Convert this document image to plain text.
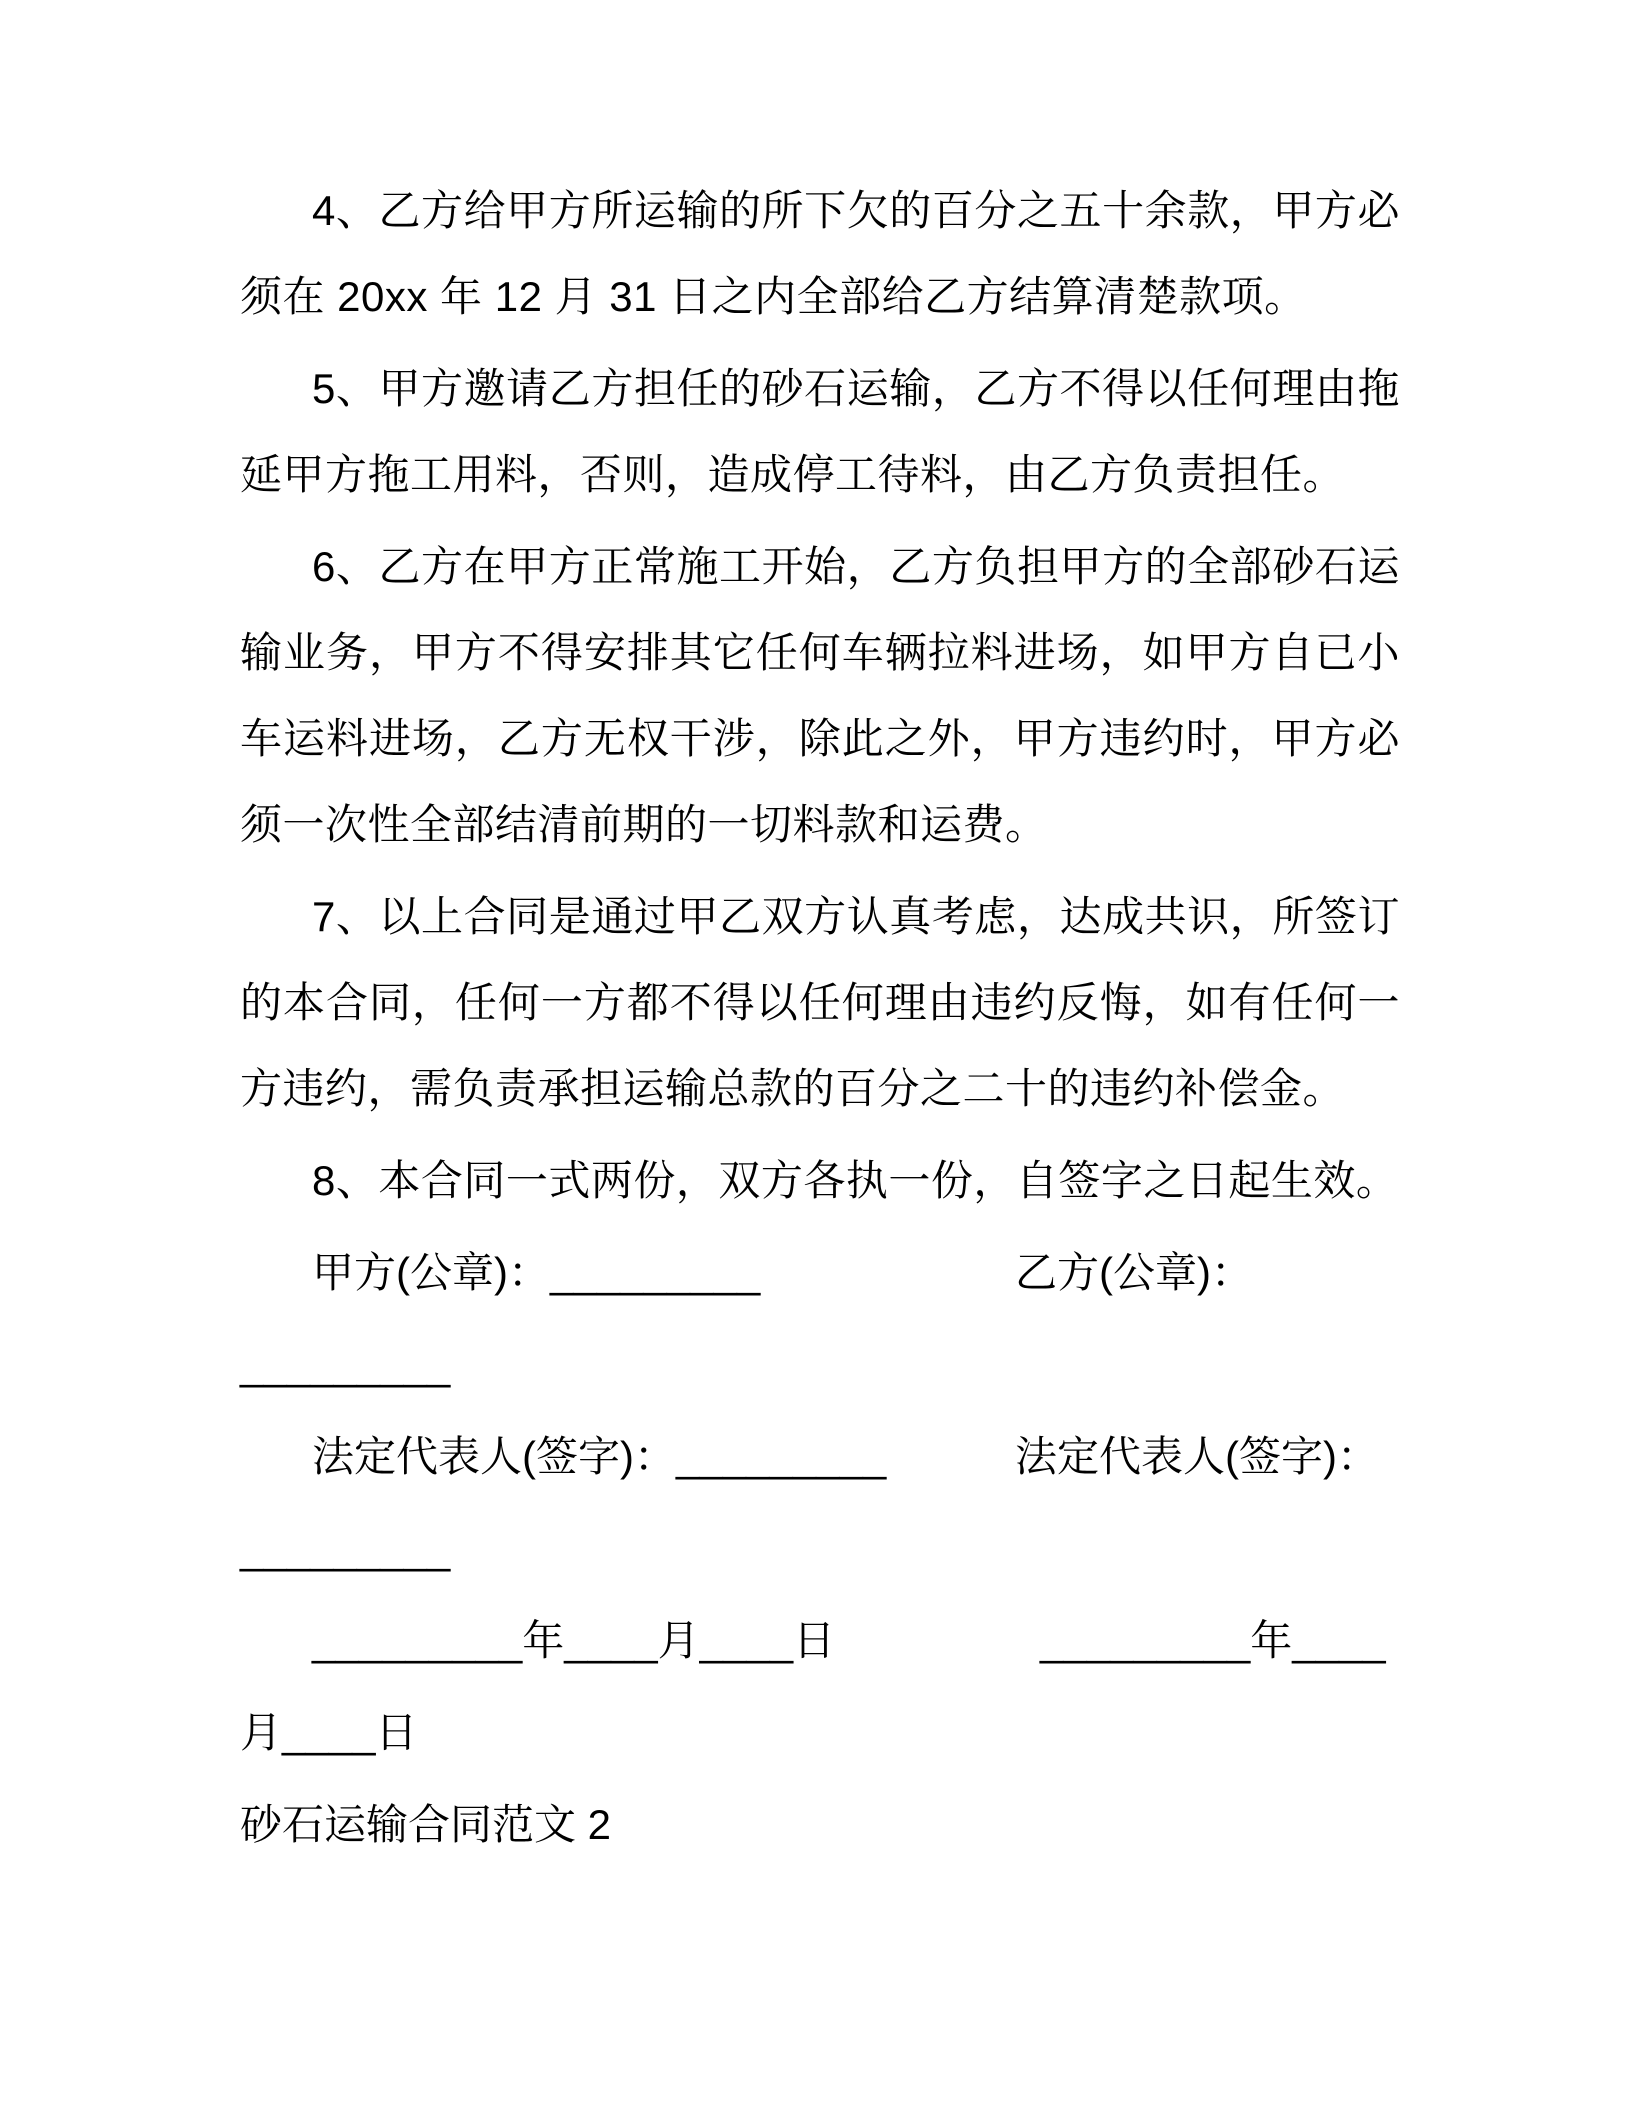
4、乙方给甲方所运输的所下欠的百分之五十余款，甲方必须在 20xx 年 12 月 31 日之内全部给乙方结算清楚款项。

5、甲方邀请乙方担任的砂石运输，乙方不得以任何理由拖延甲方拖工用料，否则，造成停工待料，由乙方负责担任。

6、乙方在甲方正常施工开始，乙方负担甲方的全部砂石运输业务，甲方不得安排其它任何车辆拉料进场，如甲方自已小车运料进场，乙方无权干涉，除此之外，甲方违约时，甲方必须一次性全部结清前期的一切料款和运费。

7、以上合同是通过甲乙双方认真考虑，达成共识，所签订的本合同，任何一方都不得以任何理由违约反悔，如有任何一方违约，需负责承担运输总款的百分之二十的违约补偿金。

8、本合同一式两份，双方各执一份，自签字之日起生效。

甲方(公章)：_________	乙方(公章)：
_________
法定代表人(签字)：_________	法定代表人(签字)：
_________
_________年____月____日	_________年____
月____日

砂石运输合同范文 2
